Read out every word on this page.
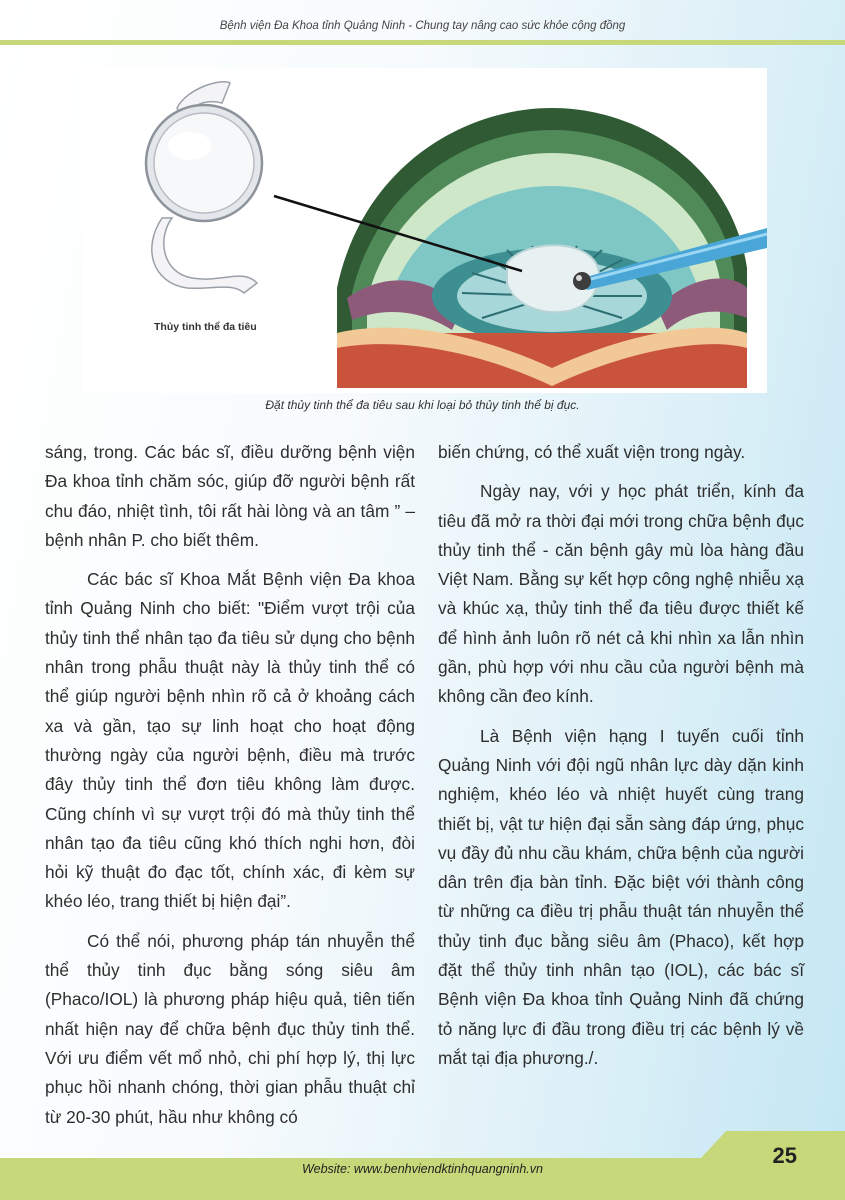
Bệnh viện Đa Khoa tỉnh Quảng Ninh - Chung tay nâng cao sức khỏe cộng đồng
Thủy tinh thể đa tiêu
Đặt thủy tinh thể đa tiêu sau khi loại bỏ thủy tinh thể bị đục.

sáng, trong. Các bác sĩ, điều dưỡng bệnh viện Đa khoa tỉnh chăm sóc, giúp đỡ người bệnh rất chu đáo, nhiệt tình, tôi rất hài lòng và an tâm ” – bệnh nhân P. cho biết thêm.

Các bác sĩ Khoa Mắt Bệnh viện Đa khoa tỉnh Quảng Ninh cho biết: "Điểm vượt trội của thủy tinh thể nhân tạo đa tiêu sử dụng cho bệnh nhân trong phẫu thuật này là thủy tinh thể có thể giúp người bệnh nhìn rõ cả ở khoảng cách xa và gần, tạo sự linh hoạt cho hoạt động thường ngày của người bệnh, điều mà trước đây thủy tinh thể đơn tiêu không làm được. Cũng chính vì sự vượt trội đó mà thủy tinh thể nhân tạo đa tiêu cũng khó thích nghi hơn, đòi hỏi kỹ thuật đo đạc tốt, chính xác, đi kèm sự khéo léo, trang thiết bị hiện đại”.

Có thể nói, phương pháp tán nhuyễn thể thể thủy tinh đục bằng sóng siêu âm (Phaco/IOL) là phương pháp hiệu quả, tiên tiến nhất hiện nay để chữa bệnh đục thủy tinh thể. Với ưu điểm vết mổ nhỏ, chi phí hợp lý, thị lực phục hồi nhanh chóng, thời gian phẫu thuật chỉ từ 20-30 phút, hầu như không có

biến chứng, có thể xuất viện trong ngày.

Ngày nay, với y học phát triển, kính đa tiêu đã mở ra thời đại mới trong chữa bệnh đục thủy tinh thể - căn bệnh gây mù lòa hàng đầu Việt Nam. Bằng sự kết hợp công nghệ nhiễu xạ và khúc xạ, thủy tinh thể đa tiêu được thiết kế để hình ảnh luôn rõ nét cả khi nhìn xa lẫn nhìn gần, phù hợp với nhu cầu của người bệnh mà không cần đeo kính.

Là Bệnh viện hạng I tuyến cuối tỉnh Quảng Ninh với đội ngũ nhân lực dày dặn kinh nghiệm, khéo léo và nhiệt huyết cùng trang thiết bị, vật tư hiện đại sẵn sàng đáp ứng, phục vụ đầy đủ nhu cầu khám, chữa bệnh của người dân trên địa bàn tỉnh. Đặc biệt với thành công từ những ca điều trị phẫu thuật tán nhuyễn thể thủy tinh đục bằng siêu âm (Phaco), kết hợp đặt thể thủy tinh nhân tạo (IOL), các bác sĩ Bệnh viện Đa khoa tỉnh Quảng Ninh đã chứng tỏ năng lực đi đầu trong điều trị các bệnh lý về mắt tại địa phương./.

25
Website: www.benhviendktinhquangninh.vn
